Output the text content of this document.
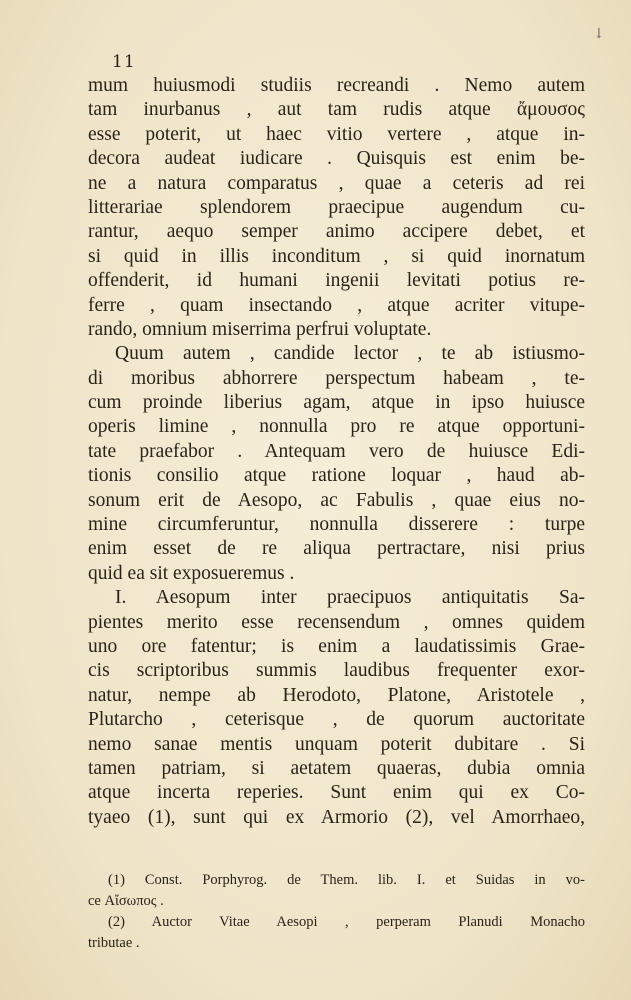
↓
11
mum huiusmodi studiis recreandi . Nemo autem
tam inurbanus , aut tam rudis atque ἄμουσος
esse poterit, ut haec vitio vertere , atque in-
decora audeat iudicare . Quisquis est enim be-
ne a natura comparatus , quae a ceteris ad rei
litterariae splendorem praecipue augendum cu-
rantur, aequo semper animo accipere debet, et
si quid in illis inconditum , si quid inornatum
offenderit, id humani ingenii levitati potius re-
ferre , quam insectando , atque acriter vitupe-
rando, omnium miserrima perfrui voluptate.
Quum autem , candide lector , te ab istiusmo-
di moribus abhorrere perspectum habeam , te-
cum proinde liberius agam, atque in ipso huiusce
operis limine , nonnulla pro re atque opportuni-
tate praefabor . Antequam vero de huiusce Edi-
tionis consilio atque ratione loquar , haud ab-
sonum erit de Aesopo, ac Fabulis , quae eius no-
mine circumferuntur, nonnulla disserere : turpe
enim esset de re aliqua pertractare, nisi prius
quid ea sit exposueremus .
I. Aesopum inter praecipuos antiquitatis Sa-
pientes merito esse recensendum , omnes quidem
uno ore fatentur; is enim a laudatissimis Grae-
cis scriptoribus summis laudibus frequenter exor-
natur, nempe ab Herodoto, Platone, Aristotele ,
Plutarcho , ceterisque , de quorum auctoritate
nemo sanae mentis unquam poterit dubitare . Si
tamen patriam, si aetatem quaeras, dubia omnia
atque incerta reperies. Sunt enim qui ex Co-
tyaeo (1), sunt qui ex Armorio (2), vel Amorrhaeo,
(1) Const. Porphyrog. de Them. lib. I. et Suidas in vo-
ce Αἴσωπος .
(2) Auctor Vitae Aesopi , perperam Planudi Monacho
tributae .
